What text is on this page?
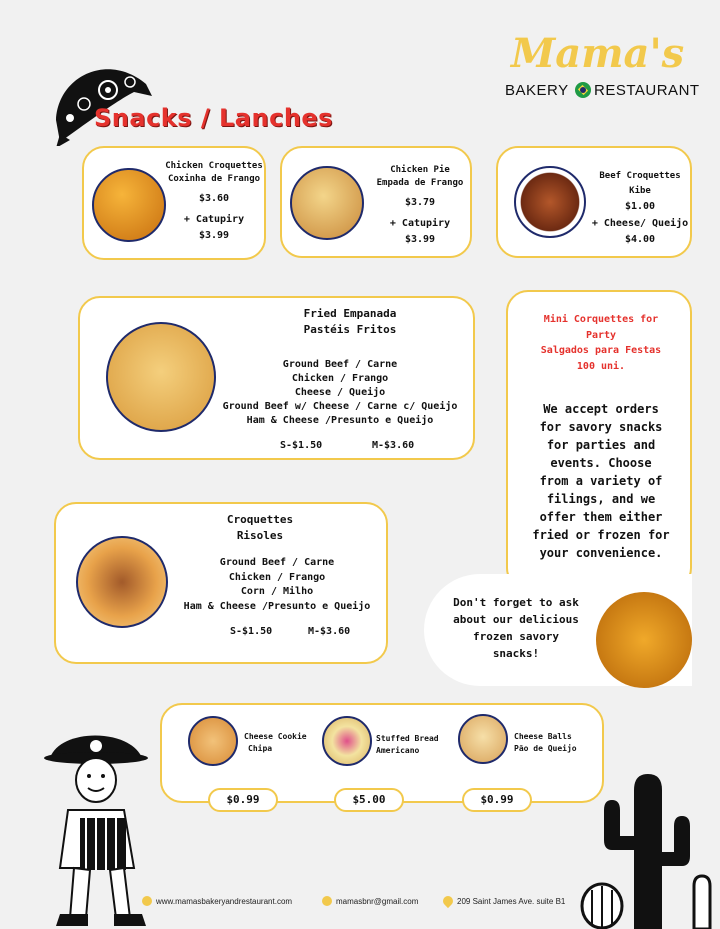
Snacks / Lanches
Mama's
BAKERY RESTAURANT
Chicken Croquettes
Coxinha de Frango
$3.60
+ Catupiry
$3.99
Chicken Pie
Empada de Frango
$3.79
+ Catupiry
$3.99
Beef Croquettes
Kibe
$1.00
+ Cheese/ Queijo
$4.00
Fried Empanada
Pastéis Fritos
Ground Beef / Carne
Chicken / Frango
Cheese / Queijo
Ground Beef w/ Cheese / Carne c/ Queijo
Ham & Cheese /Presunto e Queijo
S-$1.50	M-$3.60
Mini Corquettes for
Party
Salgados para Festas
100 uni.
We accept orders
for savory snacks
for parties and
events. Choose
from a variety of
filings, and we
offer them either
fried or frozen for
your convenience.
Don't forget to ask
about our delicious
frozen savory
snacks!
Croquettes
Risoles
Ground Beef / Carne
Chicken / Frango
Corn / Milho
Ham & Cheese /Presunto e Queijo
S-$1.50	M-$3.60
Cheese Cookie
Chipa
Stuffed Bread
Americano
Cheese Balls
Pão de Queijo
$0.99	$5.00	$0.99
www.mamasbakeryandrestaurant.com	mamasbnr@gmail.com	209 Saint James Ave. suite B1
